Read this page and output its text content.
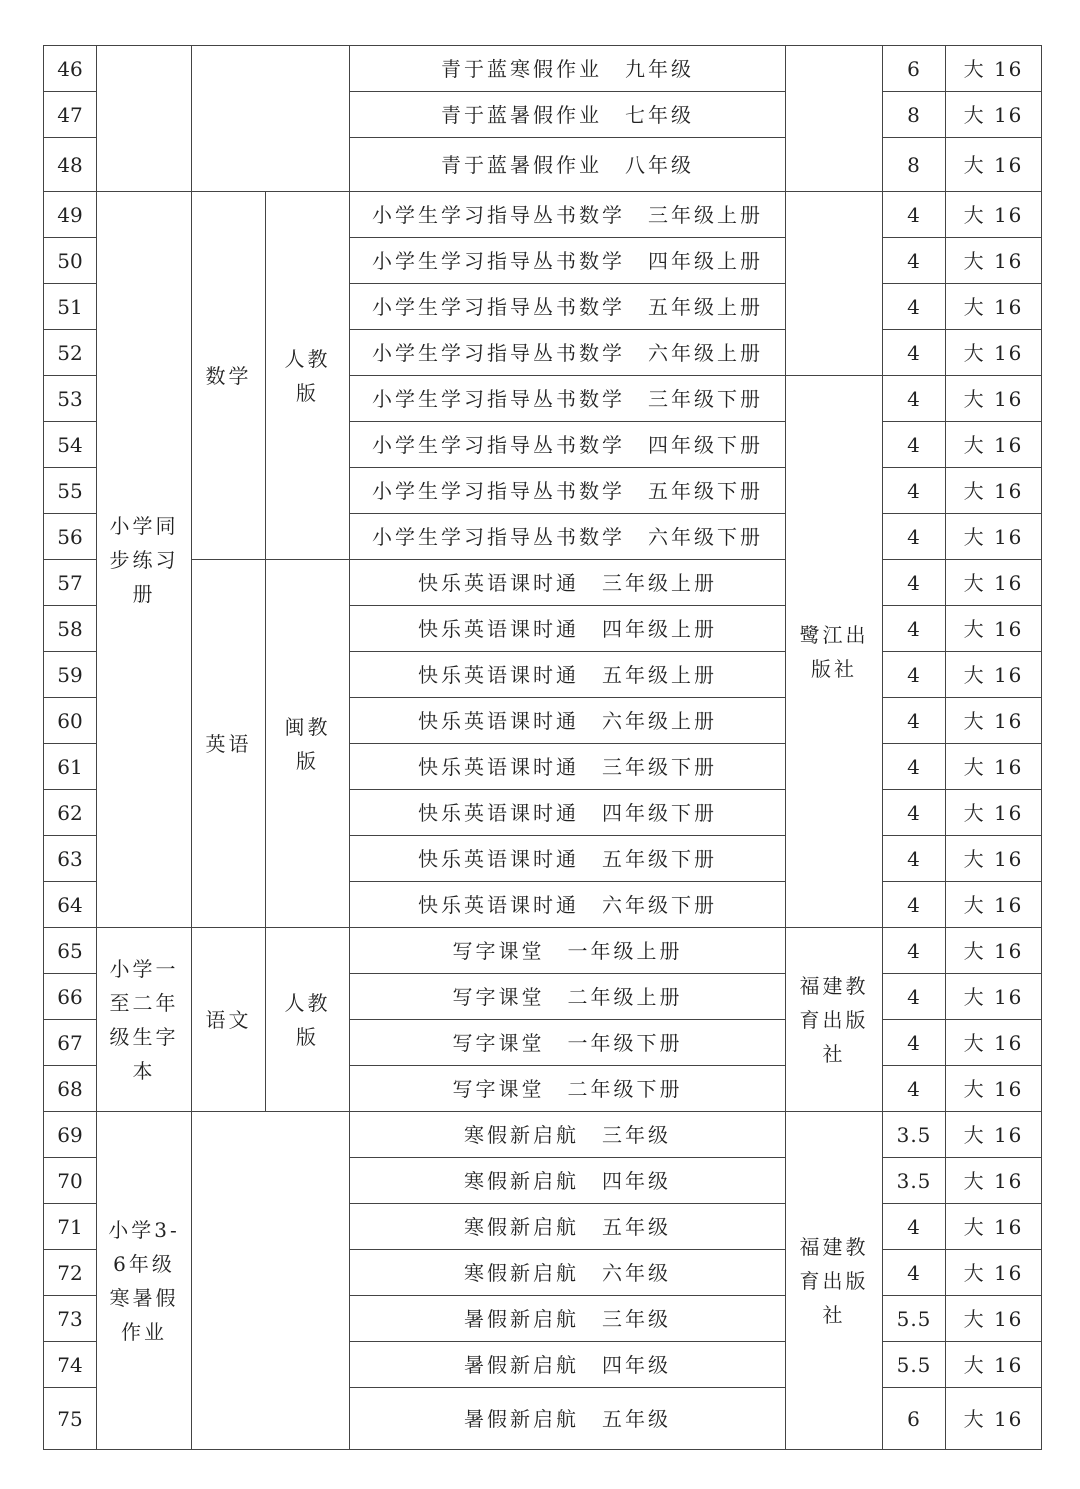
46				青于蓝寒假作业　九年级		6	大 16
47				青于蓝暑假作业　七年级		8	大 16
48				青于蓝暑假作业　八年级		8	大 16
49	小学同步练习册	数学	人教版	小学生学习指导丛书数学　三年级上册		4	大 16
50				小学生学习指导丛书数学　四年级上册		4	大 16
51				小学生学习指导丛书数学　五年级上册		4	大 16
52				小学生学习指导丛书数学　六年级上册		4	大 16
53				小学生学习指导丛书数学　三年级下册	鹭江出版社	4	大 16
54				小学生学习指导丛书数学　四年级下册		4	大 16
55				小学生学习指导丛书数学　五年级下册		4	大 16
56				小学生学习指导丛书数学　六年级下册		4	大 16
57		英语	闽教版	快乐英语课时通　三年级上册		4	大 16
58				快乐英语课时通　四年级上册		4	大 16
59				快乐英语课时通　五年级上册		4	大 16
60				快乐英语课时通　六年级上册		4	大 16
61				快乐英语课时通　三年级下册		4	大 16
62				快乐英语课时通　四年级下册		4	大 16
63				快乐英语课时通　五年级下册		4	大 16
64				快乐英语课时通　六年级下册		4	大 16
65	小学一至二年级生字本	语文	人教版	写字课堂　一年级上册	福建教育出版社	4	大 16
66				写字课堂　二年级上册		4	大 16
67				写字课堂　一年级下册		4	大 16
68				写字课堂　二年级下册		4	大 16
69	小学3-6年级寒暑假作业			寒假新启航　三年级	福建教育出版社	3.5	大 16
70				寒假新启航　四年级		3.5	大 16
71				寒假新启航　五年级		4	大 16
72				寒假新启航　六年级		4	大 16
73				暑假新启航　三年级		5.5	大 16
74				暑假新启航　四年级		5.5	大 16
75				暑假新启航　五年级		6	大 16
